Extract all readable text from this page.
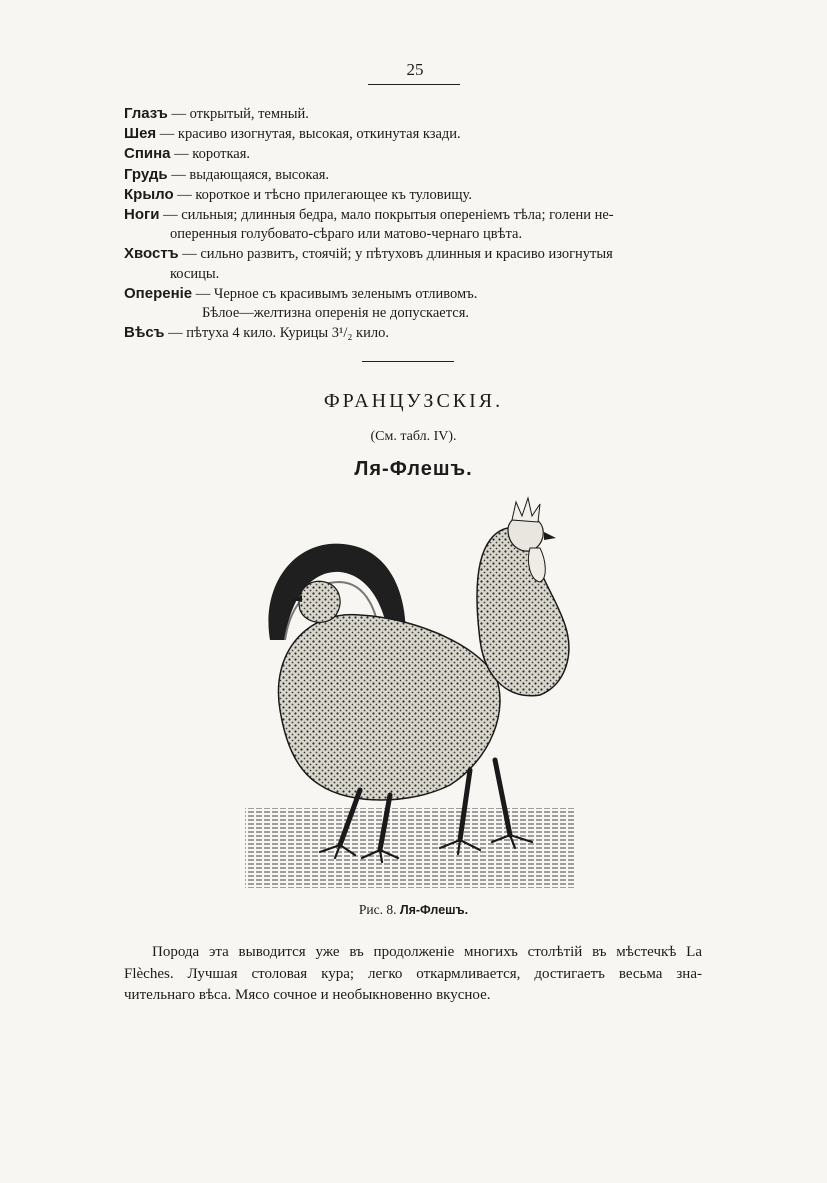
25

Глазъ — открытый, темный.

Шея — красиво изогнутая, высокая, откинутая кзади.

Спина — короткая.

Грудь — выдающаяся, высокая.

Крыло — короткое и тѣсно прилегающее къ туловищу.

Ноги — сильныя; длинныя бедра, мало покрытыя опереніемъ тѣла; голени не-

оперенныя голубовато-сѣраго или матово-чернаго цвѣта.

Хвостъ — сильно развитъ, стоячій; у пѣтуховъ длинныя и красиво изогнутыя

косицы.

Опереніе — Черное съ красивымъ зеленымъ отливомъ.

Бѣлое—желтизна оперенія не допускается.

Вѣсъ — пѣтуха 4 кило. Курицы 3¹/₂ кило.

ФРАНЦУЗСКІЯ.
(См. табл. IV).
Ля-Флешъ.
Рис. 8. Ля-Флешъ.
Порода эта выводится уже въ продолженіе многихъ столѣтій въ мѣстечкѣ La
Flèches. Лучшая столовая кура; легко откармливается, достигаетъ весьма зна-
чительнаго вѣса. Мясо сочное и необыкновенно вкусное.
